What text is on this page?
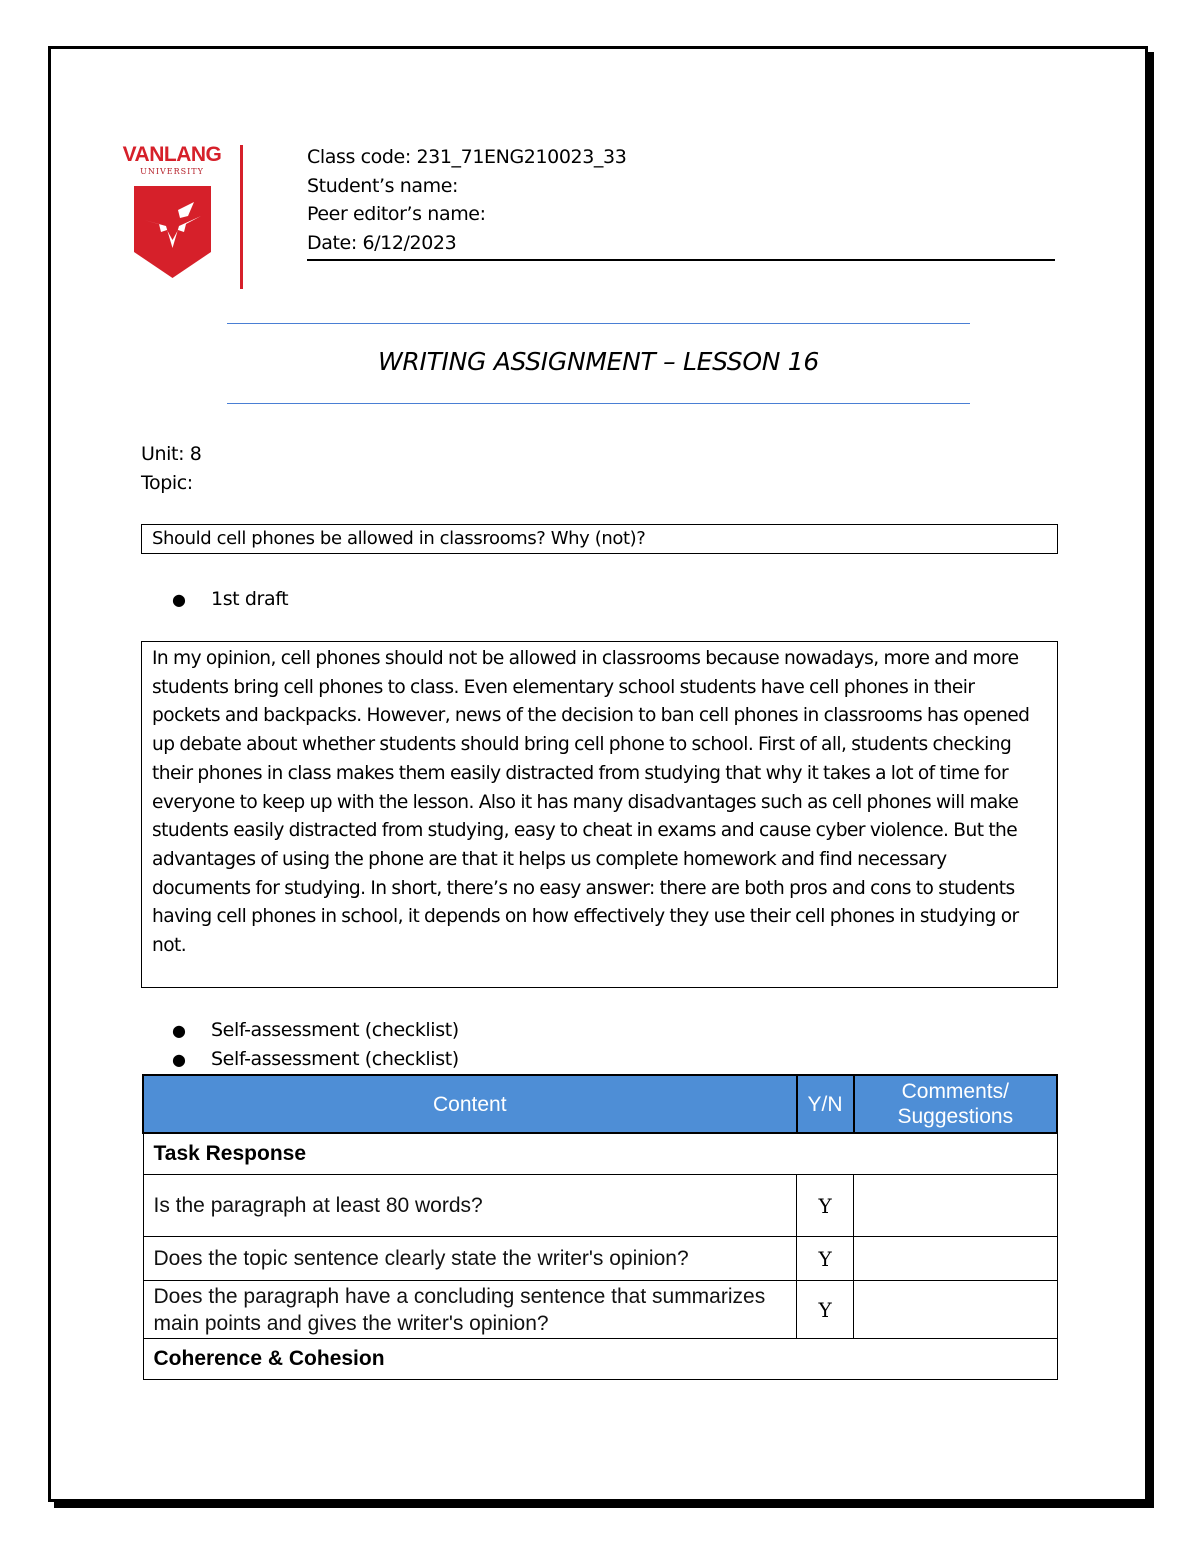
VANLANG
UNIVERSITY
Class code: 231_71ENG210023_33
Student’s name:
Peer editor’s name:
Date: 6/12/2023
WRITING ASSIGNMENT – LESSON 16
Unit: 8
Topic:
Should cell phones be allowed in classrooms? Why (not)?
● 1st draft
In my opinion, cell phones should not be allowed in classrooms because nowadays, more and more students bring cell phones to class. Even elementary school students have cell phones in their pockets and backpacks. However, news of the decision to ban cell phones in classrooms has opened up debate about whether students should bring cell phone to school. First of all, students checking their phones in class makes them easily distracted from studying that why it takes a lot of time for everyone to keep up with the lesson. Also it has many disadvantages such as cell phones will make students easily distracted from studying, easy to cheat in exams and cause cyber violence. But the advantages of using the phone are that it helps us complete homework and find necessary documents for studying. In short, there’s no easy answer: there are both pros and cons to students having cell phones in school, it depends on how effectively they use their cell phones in studying or not.
● Self-assessment (checklist)
● Self-assessment (checklist)
Content	Y/N	Comments/ Suggestions
Task Response		
Is the paragraph at least 80 words?	Y	
Does the topic sentence clearly state the writer's opinion?	Y	
Does the paragraph have a concluding sentence that summarizes main points and gives the writer's opinion?	Y	
Coherence & Cohesion		
